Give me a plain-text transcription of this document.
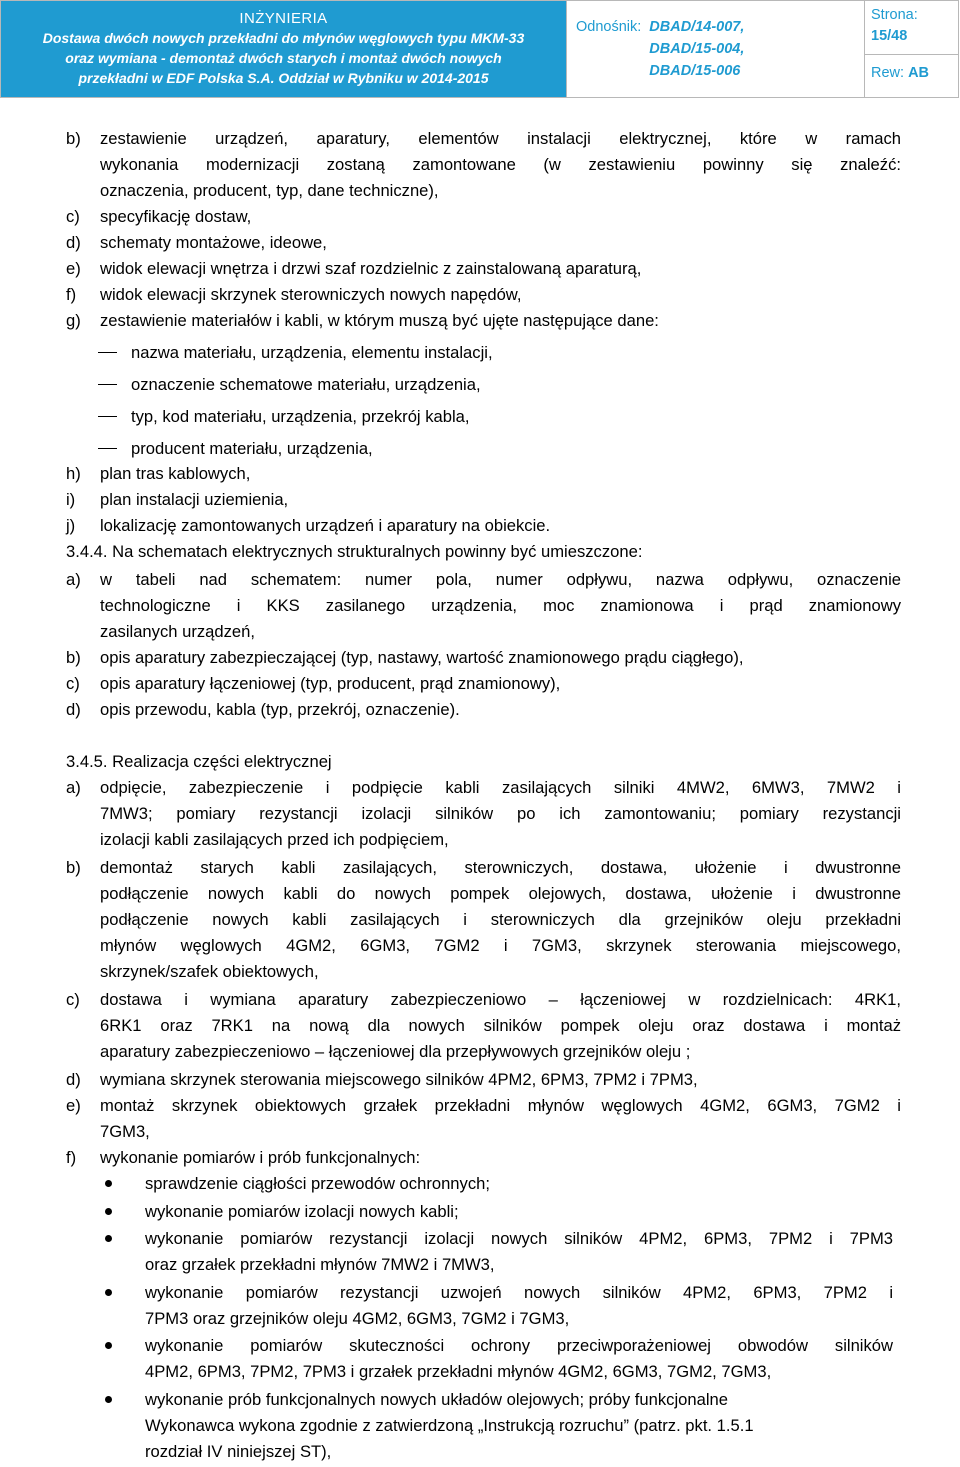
INŻYNIERIA
Dostawa dwóch nowych przekładni do młynów węglowych typu MKM-33
oraz wymiana - demontaż dwóch starych i montaż dwóch nowych
przekładni w EDF Polska S.A. Oddział w Rybniku w 2014-2015
Odnośnik: DBAD/14-007,
DBAD/15-004,
DBAD/15-006
Strona:
15/48
Rew: AB
b) zestawienie urządzeń, aparatury, elementów instalacji elektrycznej, które w ramach
wykonania modernizacji zostaną zamontowane (w zestawieniu powinny się znaleźć:
oznaczenia, producent, typ, dane techniczne),
c) specyfikację dostaw,
d) schematy montażowe, ideowe,
e) widok elewacji wnętrza i drzwi szaf rozdzielnic z zainstalowaną aparaturą,
f) widok elewacji skrzynek sterowniczych nowych napędów,
g) zestawienie materiałów i kabli, w którym muszą być ujęte następujące dane:
nazwa materiału, urządzenia, elementu instalacji,
oznaczenie schematowe materiału, urządzenia,
typ, kod materiału, urządzenia, przekrój kabla,
producent materiału, urządzenia,
h) plan tras kablowych,
i) plan instalacji uziemienia,
j) lokalizację zamontowanych urządzeń i aparatury na obiekcie.
3.4.4. Na schematach elektrycznych strukturalnych powinny być umieszczone:
a) w tabeli nad schematem: numer pola, numer odpływu, nazwa odpływu, oznaczenie
technologiczne i KKS zasilanego urządzenia, moc znamionowa i prąd znamionowy
zasilanych urządzeń,
b) opis aparatury zabezpieczającej (typ, nastawy, wartość znamionowego prądu ciągłego),
c) opis aparatury łączeniowej (typ, producent, prąd znamionowy),
d) opis przewodu, kabla (typ, przekrój, oznaczenie).
3.4.5. Realizacja części elektrycznej
a) odpięcie, zabezpieczenie i podpięcie kabli zasilających silniki 4MW2, 6MW3, 7MW2 i
7MW3; pomiary rezystancji izolacji silników po ich zamontowaniu; pomiary rezystancji
izolacji kabli zasilających przed ich podpięciem,
b) demontaż starych kabli zasilających, sterowniczych, dostawa, ułożenie i dwustronne
podłączenie nowych kabli do nowych pompek olejowych, dostawa, ułożenie i dwustronne
podłączenie nowych kabli zasilających i sterowniczych dla grzejników oleju przekładni
młynów węglowych 4GM2, 6GM3, 7GM2 i 7GM3, skrzynek sterowania miejscowego,
skrzynek/szafek obiektowych,
c) dostawa i wymiana aparatury zabezpieczeniowo – łączeniowej w rozdzielnicach: 4RK1,
6RK1 oraz 7RK1 na nową dla nowych silników pompek oleju oraz dostawa i montaż
aparatury zabezpieczeniowo – łączeniowej dla przepływowych grzejników oleju ;
d) wymiana skrzynek sterowania miejscowego silników 4PM2, 6PM3, 7PM2 i 7PM3,
e) montaż skrzynek obiektowych grzałek przekładni młynów węglowych 4GM2, 6GM3, 7GM2 i
7GM3,
f) wykonanie pomiarów i prób funkcjonalnych:
sprawdzenie ciągłości przewodów ochronnych;
wykonanie pomiarów izolacji nowych kabli;
wykonanie pomiarów rezystancji izolacji nowych silników 4PM2, 6PM3, 7PM2 i 7PM3
oraz grzałek przekładni młynów 7MW2 i 7MW3,
wykonanie pomiarów rezystancji uzwojeń nowych silników 4PM2, 6PM3, 7PM2 i
7PM3 oraz grzejników oleju 4GM2, 6GM3, 7GM2 i 7GM3,
wykonanie pomiarów skuteczności ochrony przeciwporażeniowej obwodów silników
4PM2, 6PM3, 7PM2, 7PM3 i grzałek przekładni młynów 4GM2, 6GM3, 7GM2, 7GM3,
wykonanie prób funkcjonalnych nowych układów olejowych; próby funkcjonalne
Wykonawca wykona zgodnie z zatwierdzoną „Instrukcją rozruchu” (patrz. pkt. 1.5.1
rozdział IV niniejszej ST),
